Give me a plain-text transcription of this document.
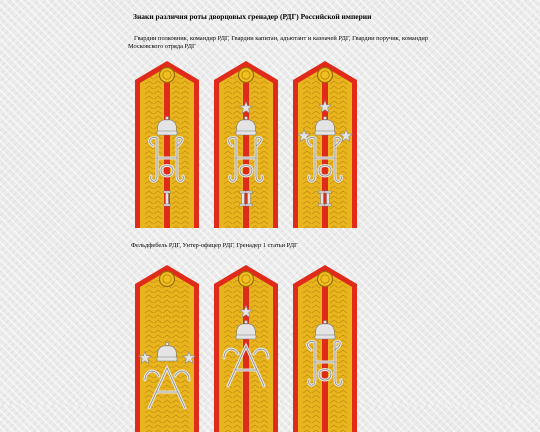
Знаки различия роты дворцовых гренадер (РДГ) Российской империи
Гвардии полковник, командир РДГ, Гвардии капитан, адъютант и казначей РДГ, Гвардии поручик, командир Московского отряда РДГ
Фельдфебель РДГ, Унтер-офицер РДГ, Гренадер 1 статьи РДГ
